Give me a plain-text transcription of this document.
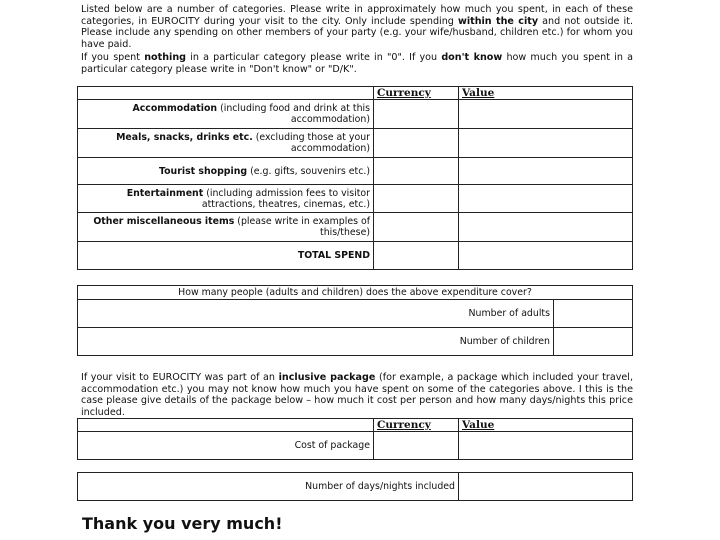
Listed below are a number of categories. Please write in approximately how much you spent, in each of these categories, in EUROCITY during your visit to the city. Only include spending within the city and not outside it. Please include any spending on other members of your party (e.g. your wife/husband, children etc.) for whom you have paid.

If you spent nothing in a particular category please write in "0". If you don't know how much you spent in a particular category please write in "Don't know" or "D/K".

	Currency	Value
Accommodation (including food and drink at this accommodation)		
Meals, snacks, drinks etc. (excluding those at your accommodation)		
Tourist shopping (e.g. gifts, souvenirs etc.)		
Entertainment (including admission fees to visitor attractions, theatres, cinemas, etc.)		
Other miscellaneous items (please write in examples of this/these)		
TOTAL SPEND		
How many people (adults and children) does the above expenditure cover?	
Number of adults	
Number of children	

If your visit to EUROCITY was part of an inclusive package (for example, a package which included your travel, accommodation etc.) you may not know how much you have spent on some of the categories above. I this is the case please give details of the package below – how much it cost per person and how many days/nights this price included.

	Currency	Value
Cost of package		
Number of days/nights included	

Thank you very much!
